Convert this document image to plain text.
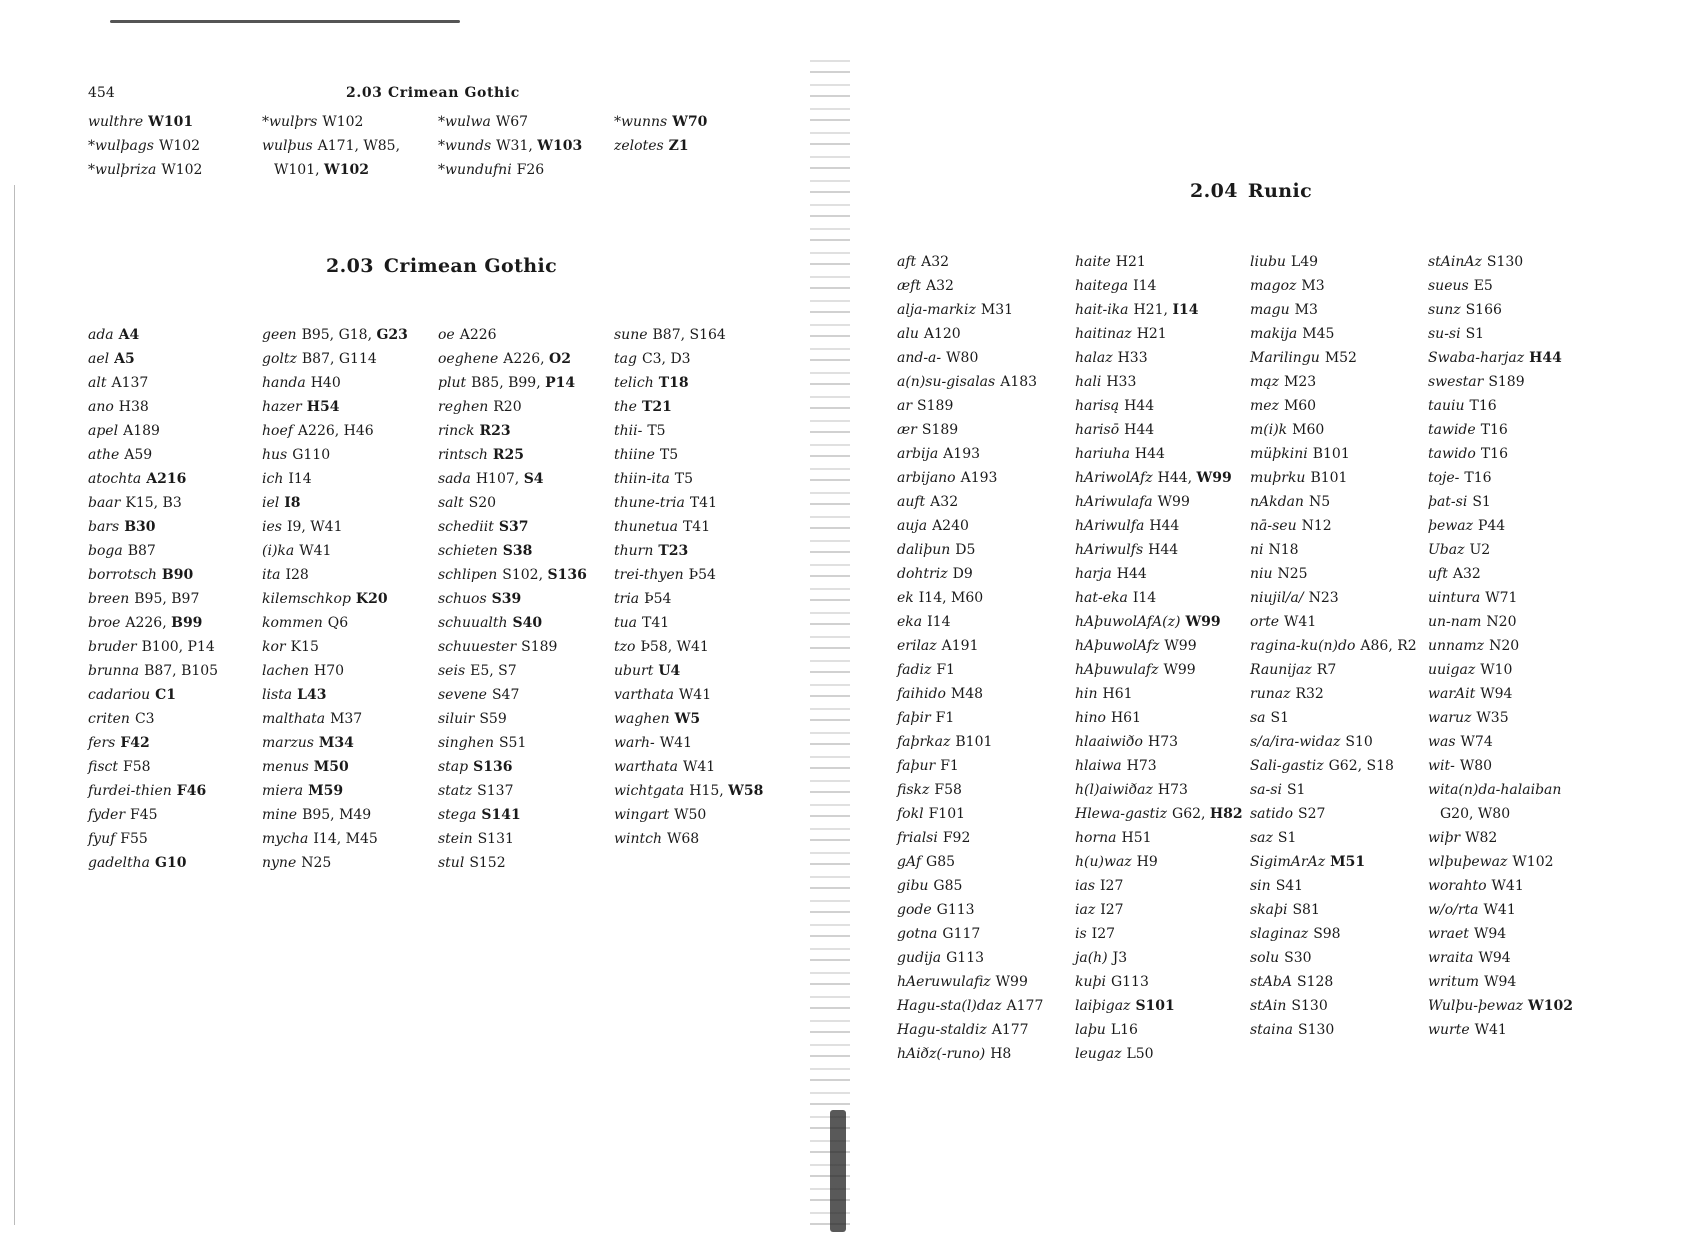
454	2.03 Crimean Gothic
wulthre W101
*wulþags W102
*wulþriza W102
*wulþrs W102
wulþus A171, W85,
W101, W102
*wulwa W67
*wunds W31, W103
*wundufni F26
*wunns W70
zelotes Z1
2.03 Crimean Gothic
ada A4
ael A5
alt A137
ano H38
apel A189
athe A59
atochta A216
baar K15, B3
bars B30
boga B87
borrotsch B90
breen B95, B97
broe A226, B99
bruder B100, P14
brunna B87, B105
cadariou C1
criten C3
fers F42
fisct F58
furdei-thien F46
fyder F45
fyuf F55
gadeltha G10
geen B95, G18, G23
goltz B87, G114
handa H40
hazer H54
hoef A226, H46
hus G110
ich I14
iel I8
ies I9, W41
(i)ka W41
ita I28
kilemschkop K20
kommen Q6
kor K15
lachen H70
lista L43
malthata M37
marzus M34
menus M50
miera M59
mine B95, M49
mycha I14, M45
nyne N25
oe A226
oeghene A226, O2
plut B85, B99, P14
reghen R20
rinck R23
rintsch R25
sada H107, S4
salt S20
schediit S37
schieten S38
schlipen S102, S136
schuos S39
schuualth S40
schuuester S189
seis E5, S7
sevene S47
siluir S59
singhen S51
stap S136
statz S137
stega S141
stein S131
stul S152
sune B87, S164
tag C3, D3
telich T18
the T21
thii- T5
thiine T5
thiin-ita T5
thune-tria T41
thunetua T41
thurn T23
trei-thyen Þ54
tria Þ54
tua T41
tzo Þ58, W41
uburt U4
varthata W41
waghen W5
warh- W41
warthata W41
wichtgata H15, W58
wingart W50
wintch W68
2.04 Runic
aft A32
æft A32
alja-markiz M31
alu A120
and-a- W80
a(n)su-gisalas A183
ar S189
ær S189
arbija A193
arbijano A193
auft A32
auja A240
daliþun D5
dohtriz D9
ek I14, M60
eka I14
erilaz A191
fadiz F1
faihido M48
faþir F1
faþrkaz B101
faþur F1
fiskz F58
fokl F101
frialsi F92
gAf G85
gibu G85
gode G113
gotna G117
gudija G113
hAeruwulafiz W99
Hagu-sta(l)daz A177
Hagu-staldiz A177
hAiðz(-runo) H8
haite H21
haitega I14
hait-ika H21, I14
haitinaz H21
halaz H33
hali H33
harisą H44
harisō H44
hariuha H44
hAriwolAfz H44, W99
hAriwulafa W99
hAriwulfa H44
hAriwulfs H44
harja H44
hat-eka I14
hAþuwolAfA(z) W99
hAþuwolAfz W99
hAþuwulafz W99
hin H61
hino H61
hlaaiwiðo H73
hlaiwa H73
h(l)aiwiðaz H73
Hlewa-gastiz G62, H82
horna H51
h(u)waz H9
ias I27
iaz I27
is I27
ja(h) J3
kuþi G113
laiþigaz S101
laþu L16
leugaz L50
liubu L49
magoz M3
magu M3
makija M45
Marilingu M52
mąz M23
mez M60
m(i)k M60
müþkini B101
muþrku B101
nAkdan N5
nā-seu N12
ni N18
niu N25
niujil/a/ N23
orte W41
ragina-ku(n)do A86, R2
Raunijaz R7
runaz R32
sa S1
s/a/ira-widaz S10
Sali-gastiz G62, S18
sa-si S1
satido S27
saz S1
SigimArAz M51
sin S41
skaþi S81
slaginaz S98
solu S30
stAbA S128
stAin S130
staina S130
stAinAz S130
sueus E5
sunz S166
su-si S1
Swaba-harjaz H44
swestar S189
tauiu T16
tawide T16
tawido T16
toje- T16
þat-si S1
þewaz P44
Ubaz U2
uft A32
uintura W71
un-nam N20
unnamz N20
uuigaz W10
warAit W94
waruz W35
was W74
wit- W80
wita(n)da-halaiban
G20, W80
wiþr W82
wlþuþewaz W102
worahto W41
w/o/rta W41
wraet W94
wraita W94
writum W94
Wulþu-þewaz W102
wurte W41
